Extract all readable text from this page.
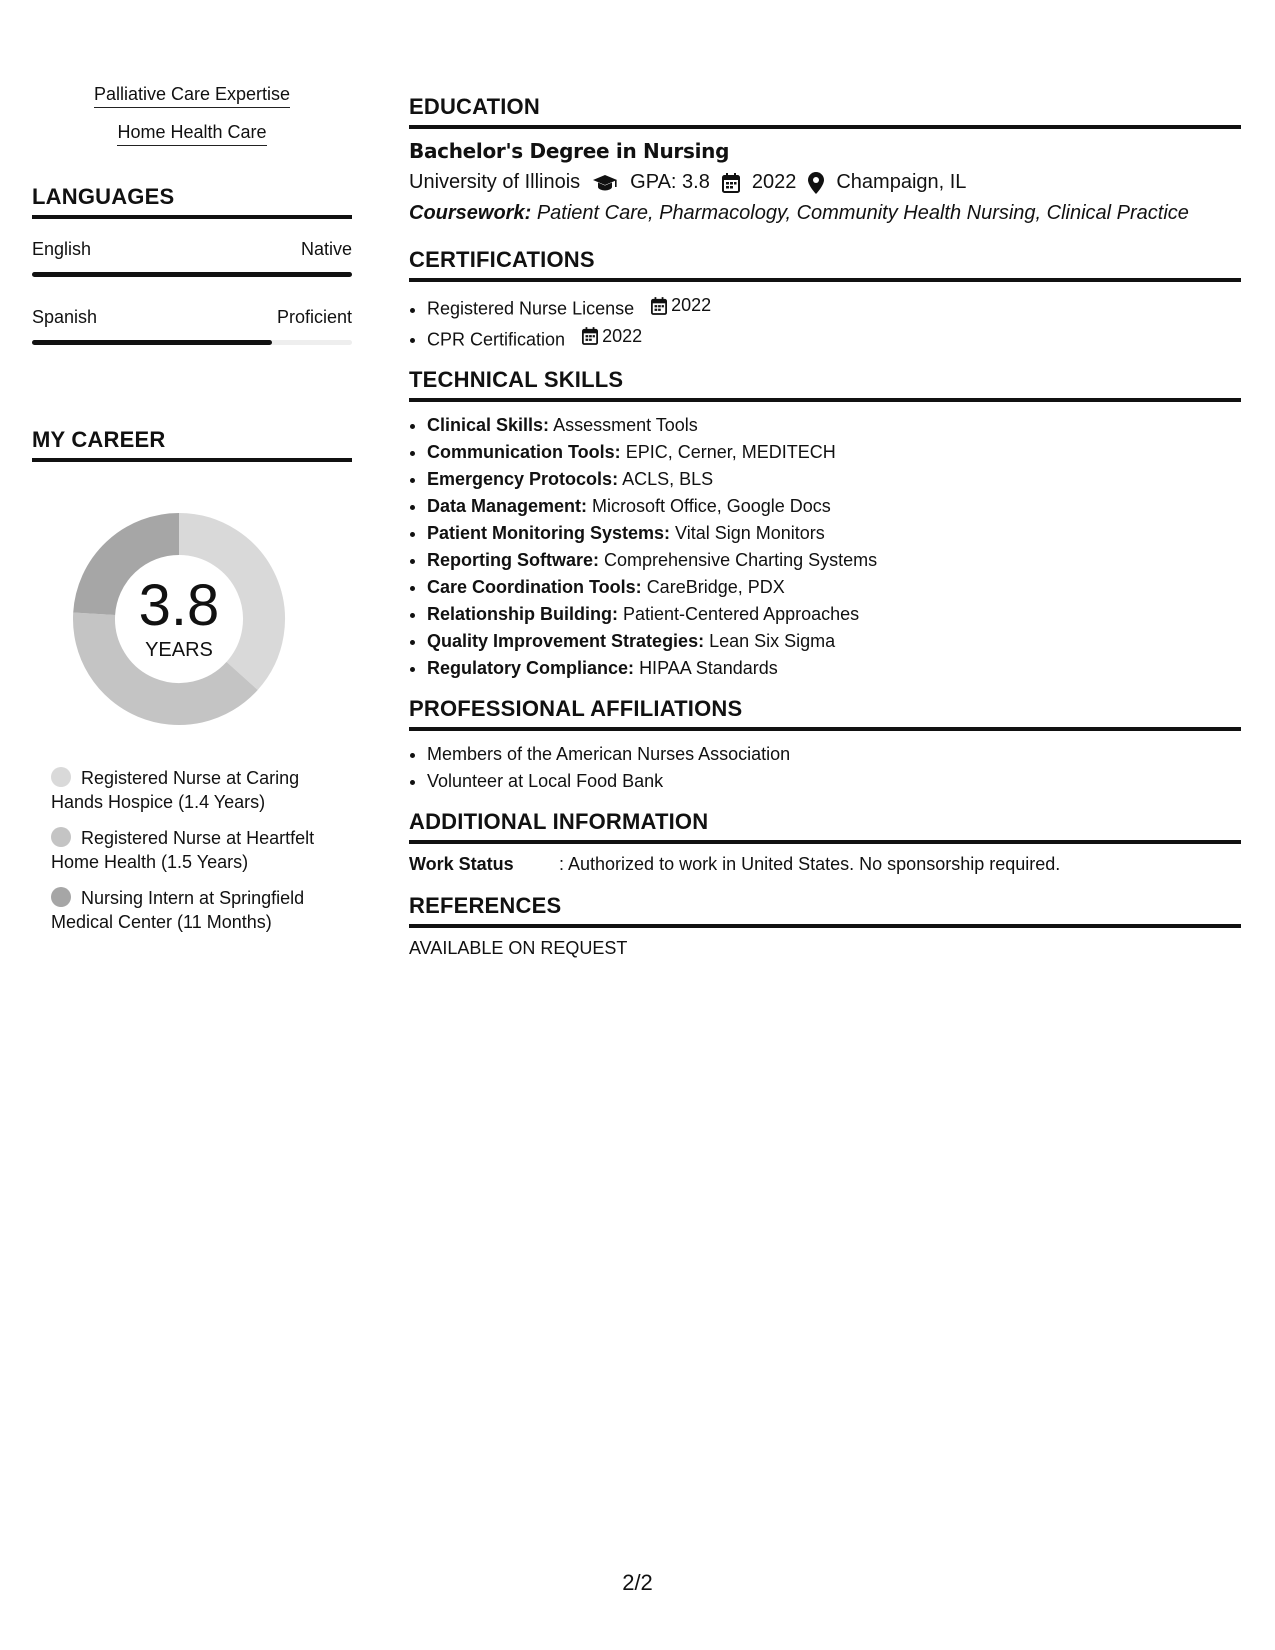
Palliative Care Expertise
Home Health Care
LANGUAGES
English	Native
Spanish	Proficient
MY CAREER
3.8
YEARS
Registered Nurse at Caring Hands Hospice (1.4 Years)
Registered Nurse at Heartfelt Home Health (1.5 Years)
Nursing Intern at Springfield Medical Center (11 Months)
EDUCATION
Bachelor's Degree in Nursing
University of Illinois	GPA: 3.8 2022 Champaign, IL
Coursework: Patient Care, Pharmacology, Community Health Nursing, Clinical Practice
CERTIFICATIONS
• Registered Nurse License 2022
• CPR Certification 2022
TECHNICAL SKILLS
• Clinical Skills: Assessment Tools
• Communication Tools: EPIC, Cerner, MEDITECH
• Emergency Protocols: ACLS, BLS
• Data Management: Microsoft Office, Google Docs
• Patient Monitoring Systems: Vital Sign Monitors
• Reporting Software: Comprehensive Charting Systems
• Care Coordination Tools: CareBridge, PDX
• Relationship Building: Patient-Centered Approaches
• Quality Improvement Strategies: Lean Six Sigma
• Regulatory Compliance: HIPAA Standards
PROFESSIONAL AFFILIATIONS
• Members of the American Nurses Association
• Volunteer at Local Food Bank
ADDITIONAL INFORMATION
Work Status	: Authorized to work in United States. No sponsorship required.
REFERENCES
AVAILABLE ON REQUEST
2/2
